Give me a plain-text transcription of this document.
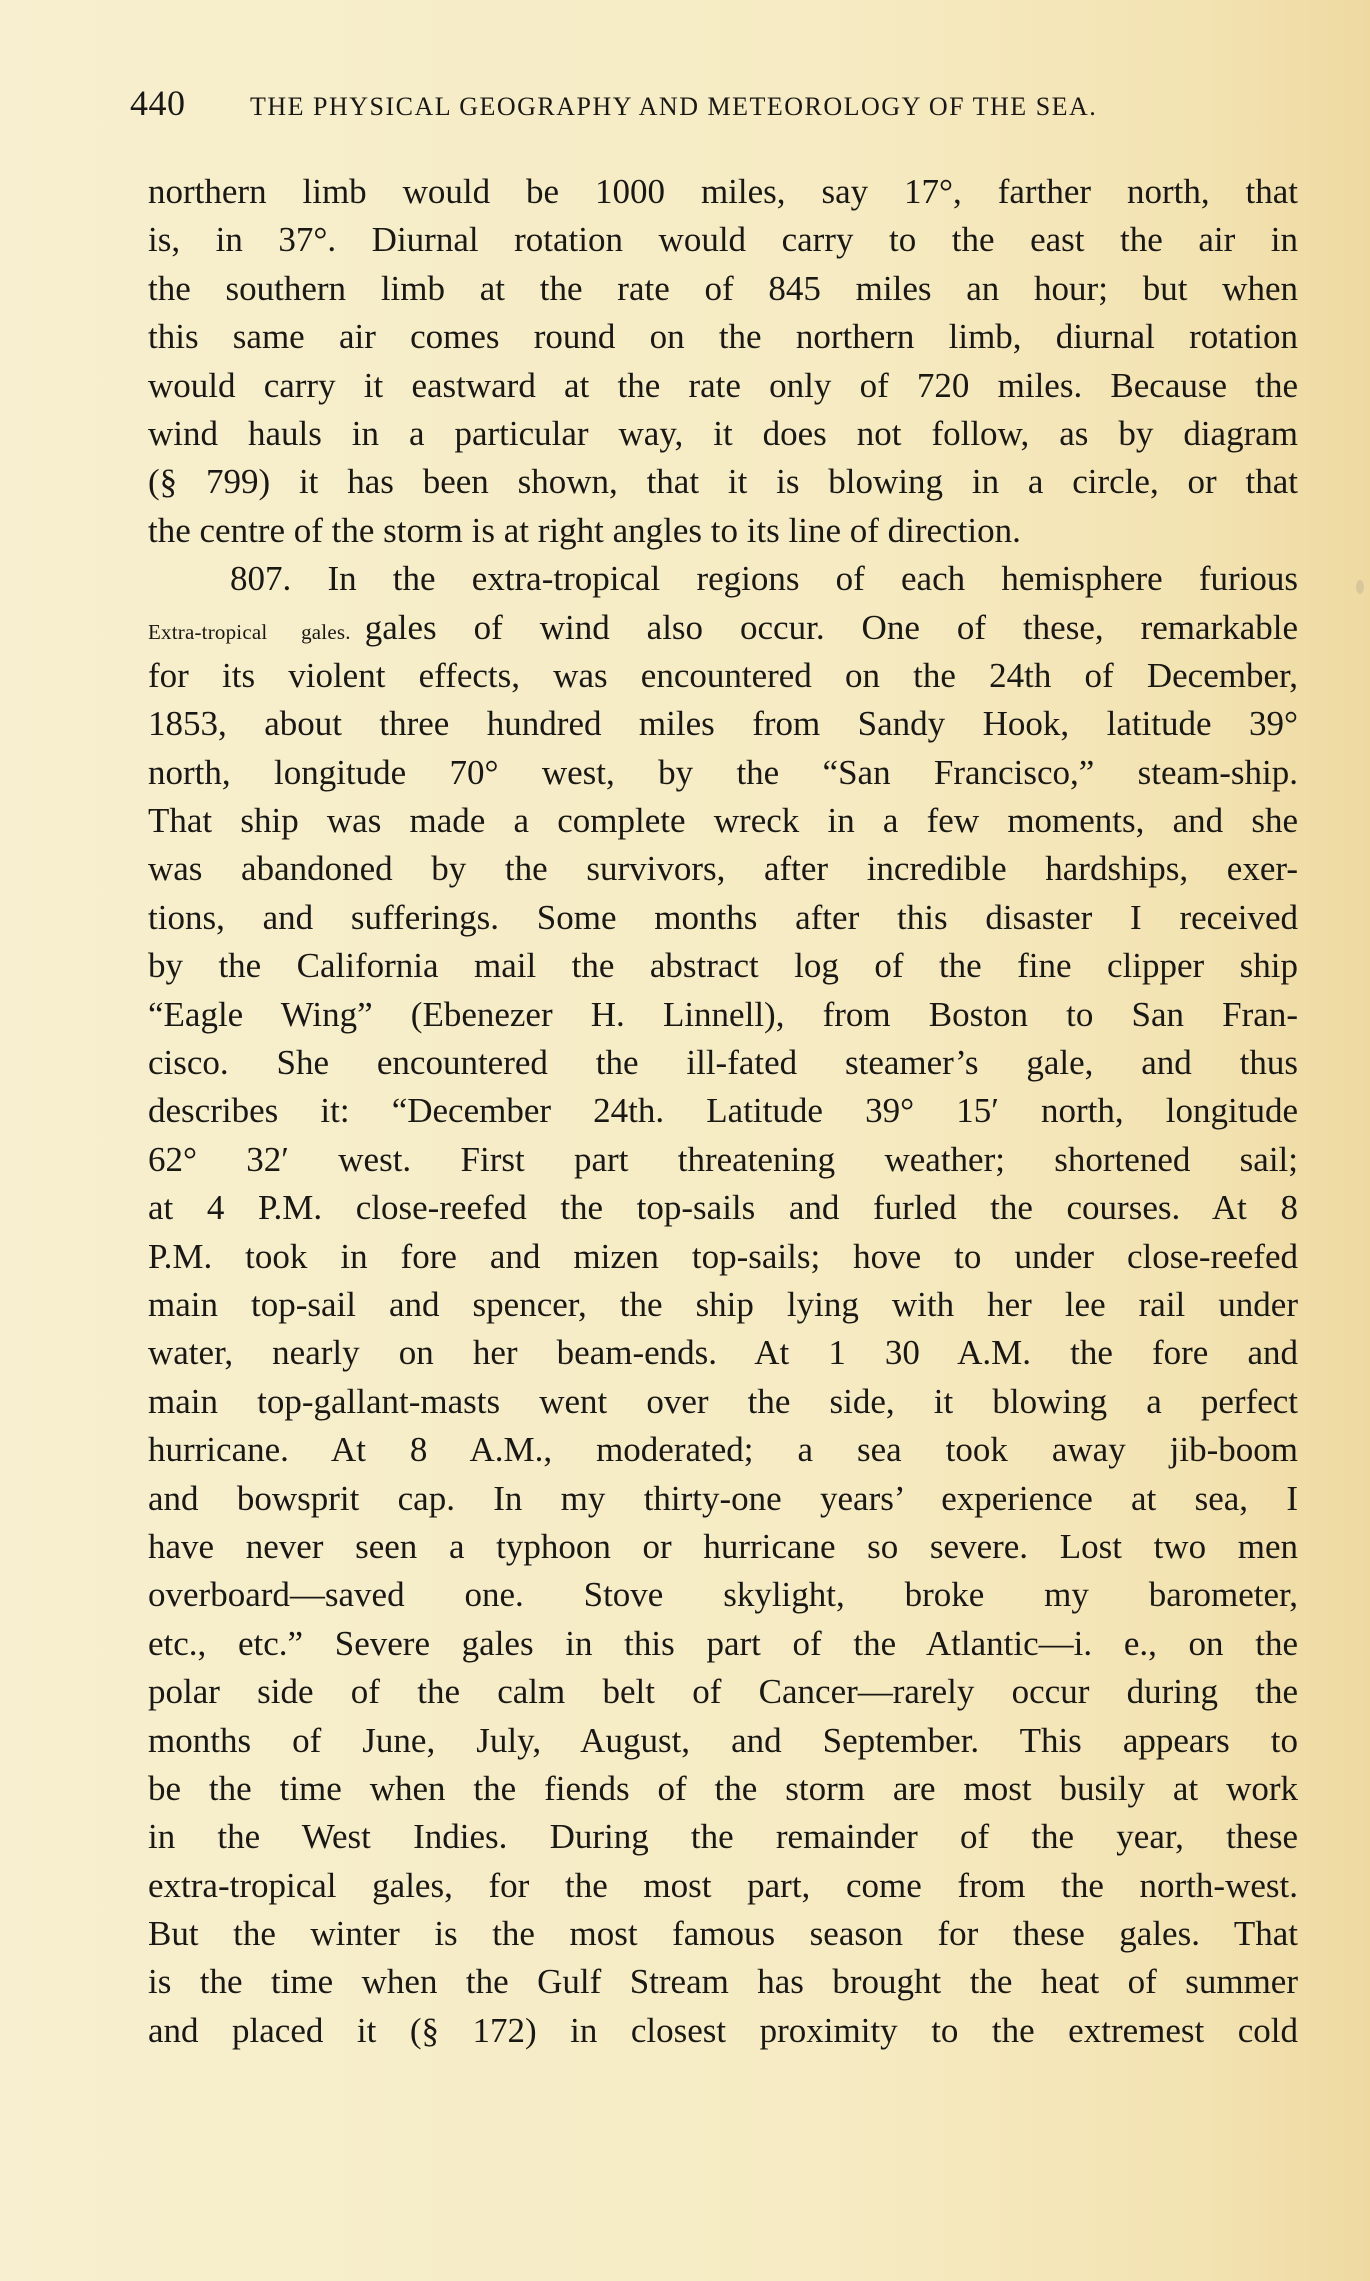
440 THE PHYSICAL GEOGRAPHY AND METEOROLOGY OF THE SEA.
northern limb would be 1000 miles, say 17°, farther north, that
is, in 37°. Diurnal rotation would carry to the east the air in
the southern limb at the rate of 845 miles an hour; but when
this same air comes round on the northern limb, diurnal rotation
would carry it eastward at the rate only of 720 miles. Because the
wind hauls in a particular way, it does not follow, as by diagram
(§ 799) it has been shown, that it is blowing in a circle, or that
the centre of the storm is at right angles to its line of direction.
807. In the extra-tropical regions of each hemisphere furious
Extra-tropical gales. gales of wind also occur. One of these, remarkable
for its violent effects, was encountered on the 24th of December,
1853, about three hundred miles from Sandy Hook, latitude 39°
north, longitude 70° west, by the “San Francisco,” steam-ship.
That ship was made a complete wreck in a few moments, and she
was abandoned by the survivors, after incredible hardships, exer-
tions, and sufferings. Some months after this disaster I received
by the California mail the abstract log of the fine clipper ship
“Eagle Wing” (Ebenezer H. Linnell), from Boston to San Fran-
cisco. She encountered the ill-fated steamer’s gale, and thus
describes it: “December 24th. Latitude 39° 15′ north, longitude
62° 32′ west. First part threatening weather; shortened sail;
at 4 P.M. close-reefed the top-sails and furled the courses. At 8
P.M. took in fore and mizen top-sails; hove to under close-reefed
main top-sail and spencer, the ship lying with her lee rail under
water, nearly on her beam-ends. At 1 30 A.M. the fore and
main top-gallant-masts went over the side, it blowing a perfect
hurricane. At 8 A.M., moderated; a sea took away jib-boom
and bowsprit cap. In my thirty-one years’ experience at sea, I
have never seen a typhoon or hurricane so severe. Lost two men
overboard—saved one. Stove skylight, broke my barometer,
etc., etc.” Severe gales in this part of the Atlantic—i. e., on the
polar side of the calm belt of Cancer—rarely occur during the
months of June, July, August, and September. This appears to
be the time when the fiends of the storm are most busily at work
in the West Indies. During the remainder of the year, these
extra-tropical gales, for the most part, come from the north-west.
But the winter is the most famous season for these gales. That
is the time when the Gulf Stream has brought the heat of summer
and placed it (§ 172) in closest proximity to the extremest cold
